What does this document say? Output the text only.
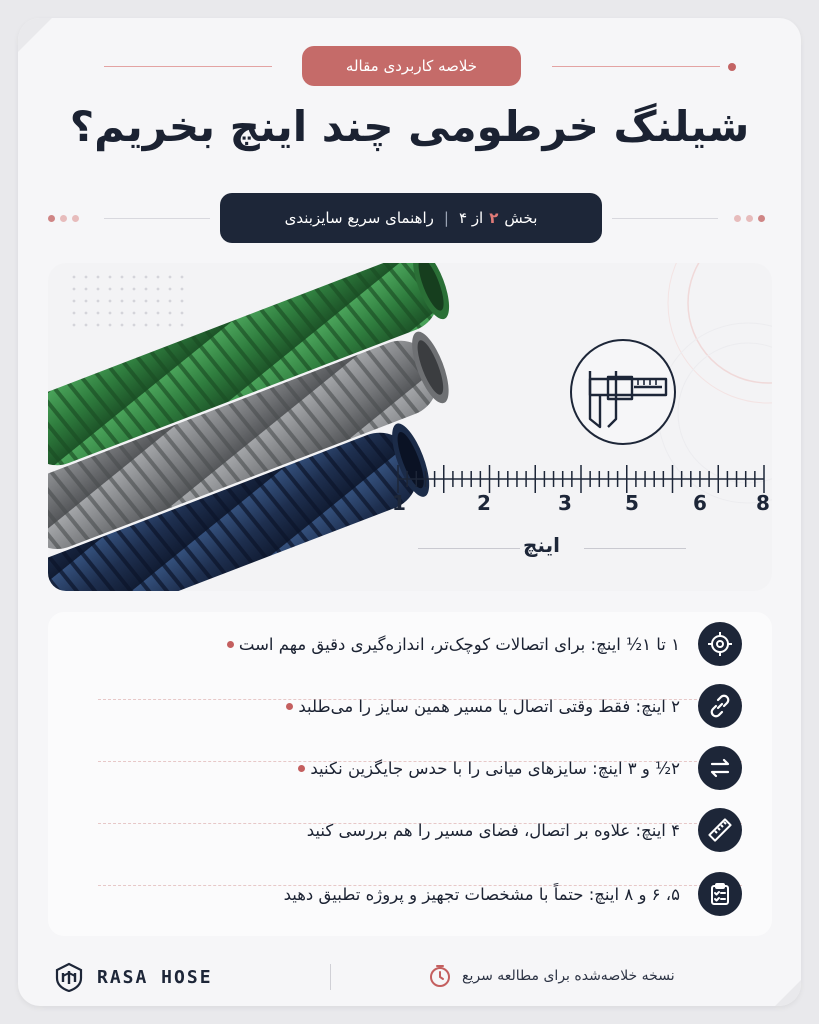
خلاصه کاربردی مقاله
شیلنگ خرطومی چند اینچ بخریم؟
بخش
۲
از ۴
|
راهنمای سریع سایزبندی
1	2	3	5	6 8
اینچ
۱ تا ۱½ اینچ: برای اتصالات کوچک‌تر، اندازه‌گیری دقیق مهم است
۲ اینچ: فقط وقتی اتصال یا مسیر همین سایز را می‌طلبد
۲½ و ۳ اینچ: سایزهای میانی را با حدس جایگزین نکنید
۴ اینچ: علاوه بر اتصال، فضای مسیر را هم بررسی کنید
۵، ۶ و ۸ اینچ: حتماً با مشخصات تجهیز و پروژه تطبیق دهید
RASA HOSE	نسخه خلاصه‌شده برای مطالعه سریع
